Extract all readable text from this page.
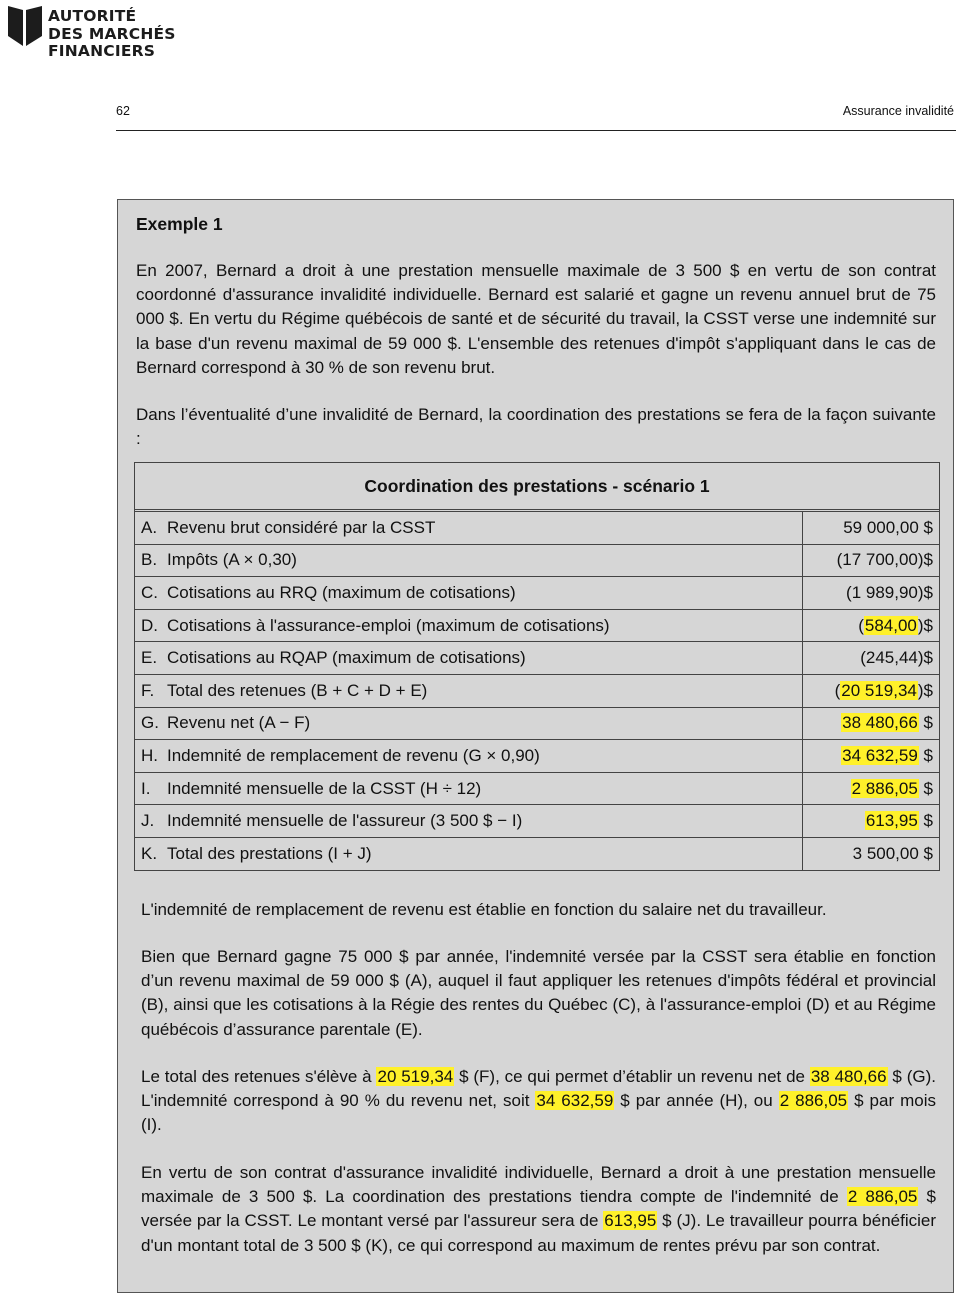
AUTORITÉ
DES MARCHÉS
FINANCIERS
62	Assurance invalidité
Exemple 1
En 2007, Bernard a droit à une prestation mensuelle maximale de 3 500 $ en vertu de son contrat coordonné d'assurance invalidité individuelle. Bernard est salarié et gagne un revenu annuel brut de 75 000 $. En vertu du Régime québécois de santé et de sécurité du travail, la CSST verse une indemnité sur la base d'un revenu maximal de 59 000 $. L'ensemble des retenues d'impôt s'appliquant dans le cas de Bernard correspond à 30 % de son revenu brut.
Dans l’éventualité d’une invalidité de Bernard, la coordination des prestations se fera de la façon suivante :
Coordination des prestations - scénario 1	

A. Revenu brut considéré par la CSST	59 000,00 $
B. Impôts (A × 0,30)	(17 700,00)$
C. Cotisations au RRQ (maximum de cotisations)	(1 989,90)$
D. Cotisations à l'assurance-emploi (maximum de cotisations)	(584,00)$
E. Cotisations au RQAP (maximum de cotisations)	(245,44)$
F. Total des retenues (B + C + D + E)	(20 519,34)$
G. Revenu net (A − F)	38 480,66 $
H. Indemnité de remplacement de revenu (G × 0,90)	34 632,59 $
I. Indemnité mensuelle de la CSST (H ÷ 12)	2 886,05 $
J. Indemnité mensuelle de l'assureur (3 500 $ − I)	613,95 $
K. Total des prestations (I + J)	3 500,00 $
L'indemnité de remplacement de revenu est établie en fonction du salaire net du travailleur.
Bien que Bernard gagne 75 000 $ par année, l'indemnité versée par la CSST sera établie en fonction d’un revenu maximal de 59 000 $ (A), auquel il faut appliquer les retenues d'impôts fédéral et provincial (B), ainsi que les cotisations à la Régie des rentes du Québec (C), à l'assurance-emploi (D) et au Régime québécois d’assurance parentale (E).
Le total des retenues s'élève à 20 519,34 $ (F), ce qui permet d’établir un revenu net de 38 480,66 $ (G). L'indemnité correspond à 90 % du revenu net, soit 34 632,59 $ par année (H), ou 2 886,05 $ par mois (I).
En vertu de son contrat d'assurance invalidité individuelle, Bernard a droit à une prestation mensuelle maximale de 3 500 $. La coordination des prestations tiendra compte de l'indemnité de 2 886,05 $ versée par la CSST. Le montant versé par l'assureur sera de 613,95 $ (J). Le travailleur pourra bénéficier d'un montant total de 3 500 $ (K), ce qui correspond au maximum de rentes prévu par son contrat.
